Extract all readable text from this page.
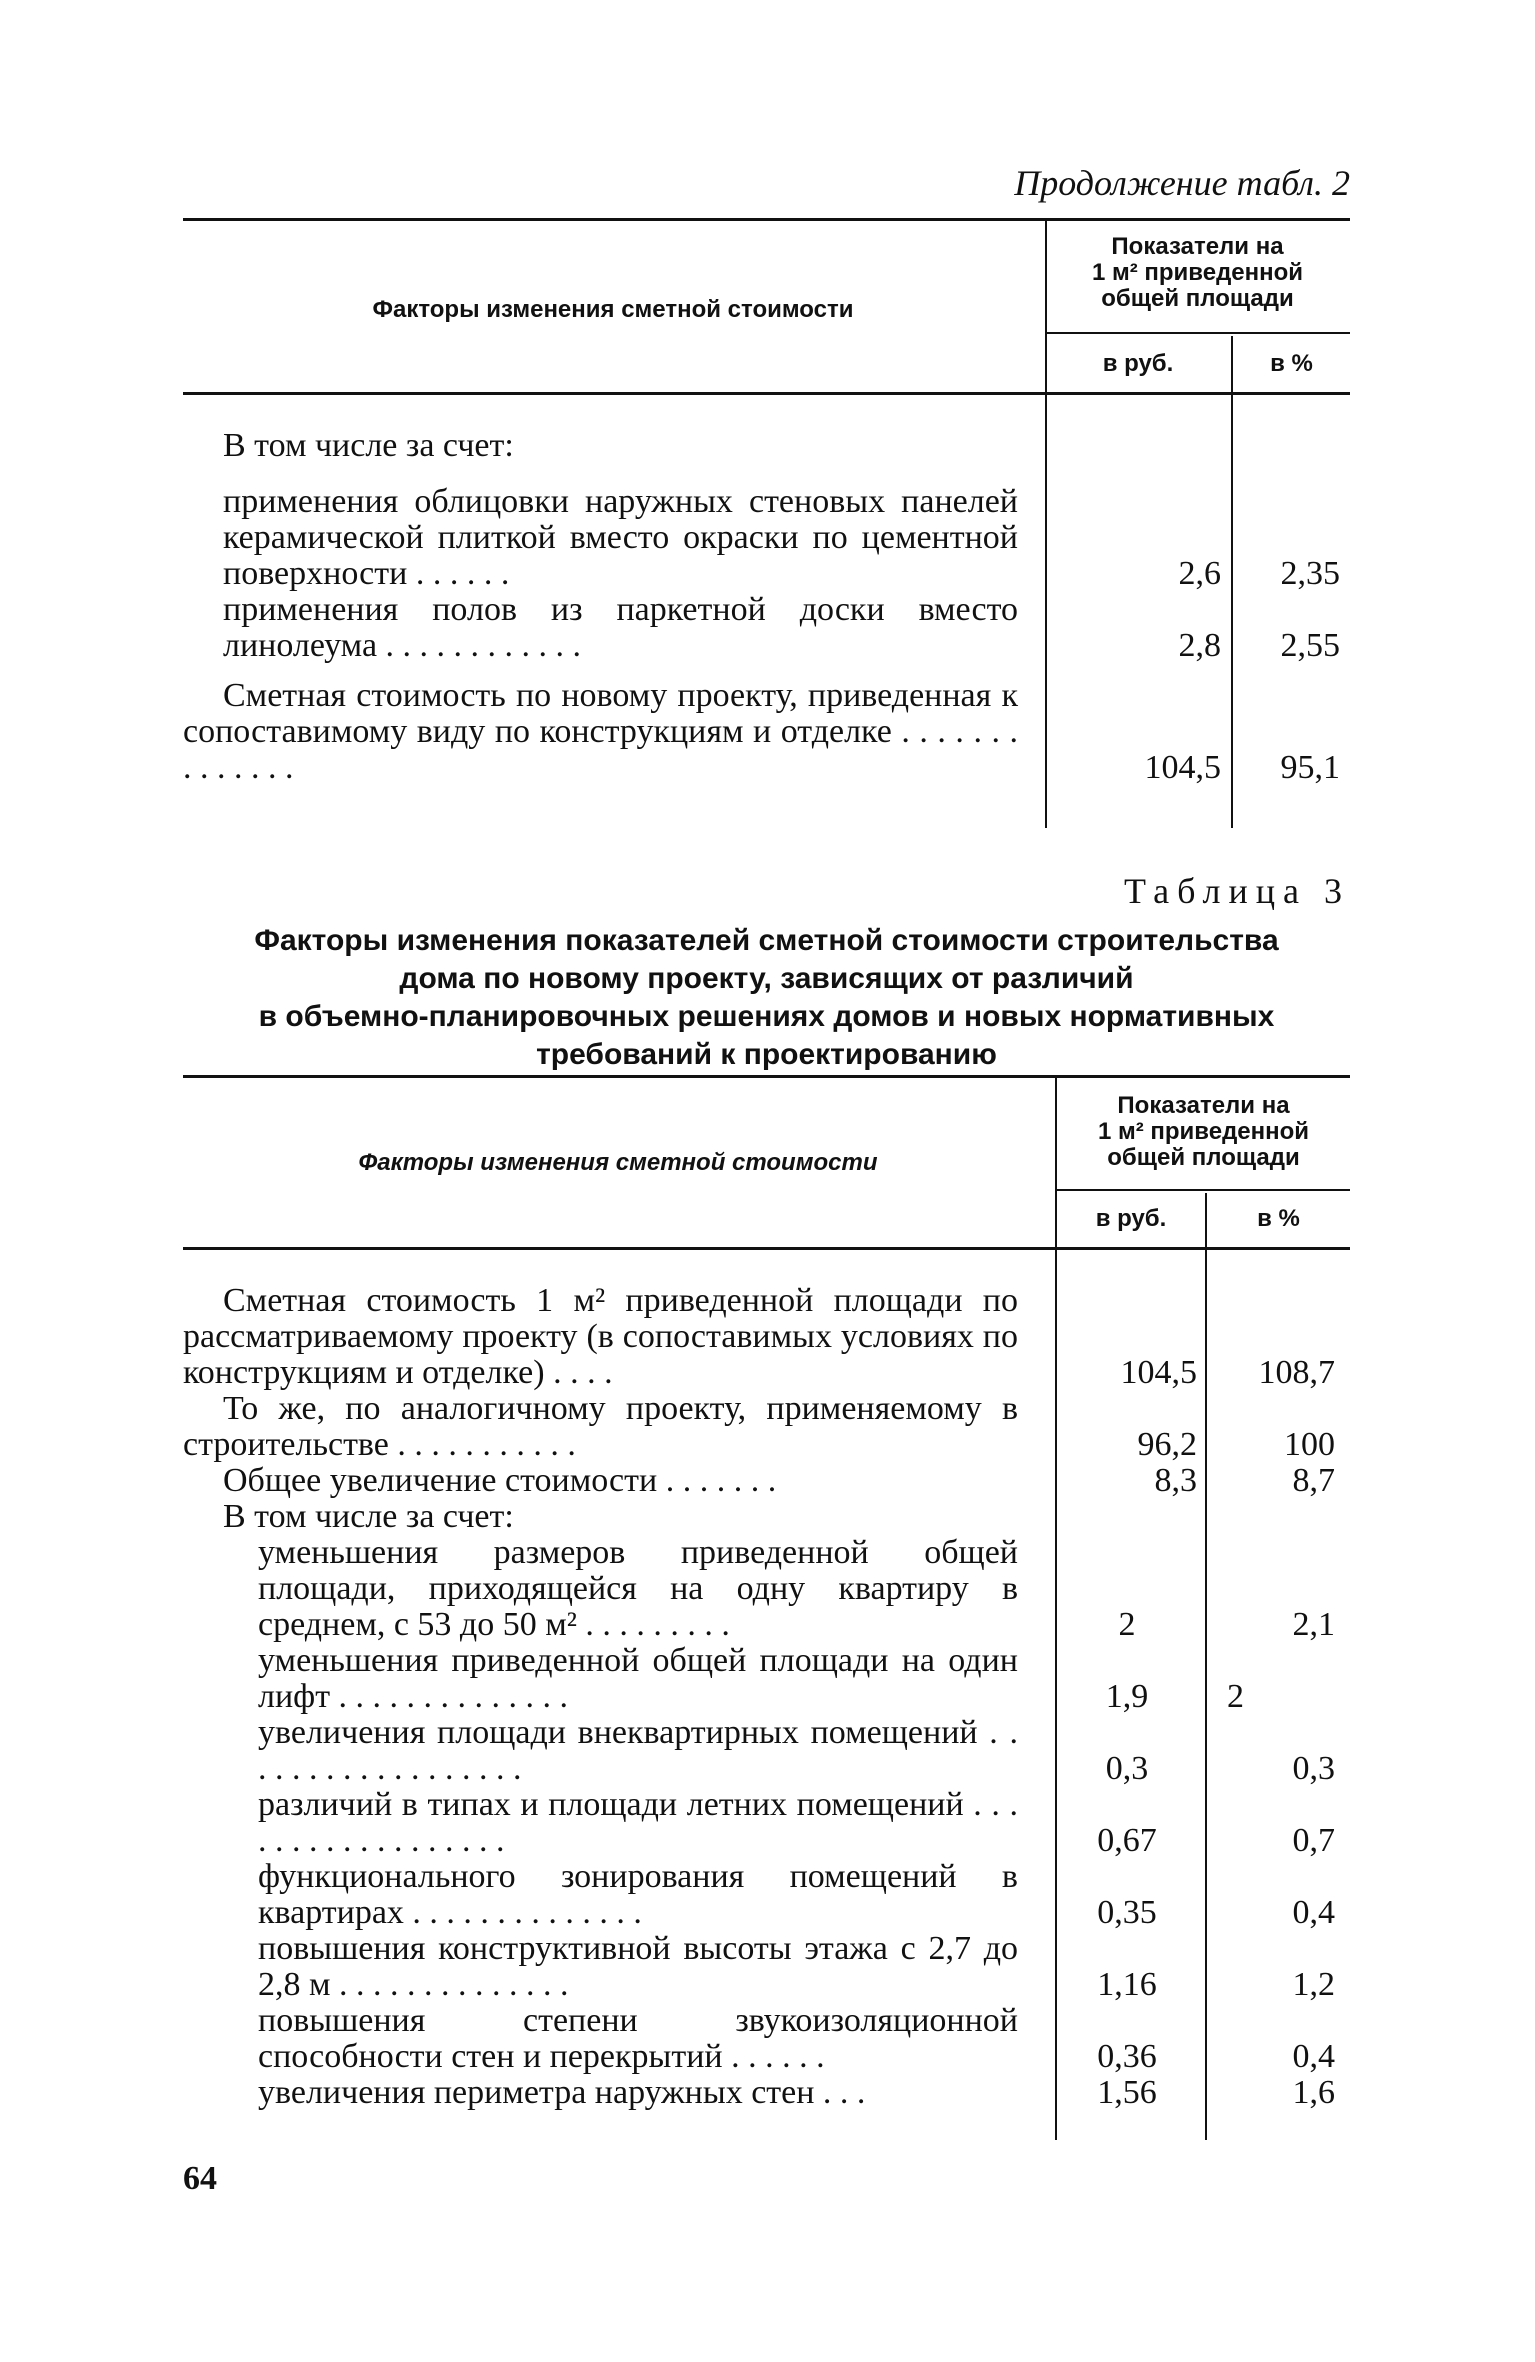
Продолжение табл. 2
Факторы изменения сметной стоимости
Показатели на
1 м² приведенной
общей площади
в руб.	в %
В том числе за счет:
применения облицовки наружных стеновых панелей керамической плиткой вместо окраски по цементной поверхности . . . . . .	2,6	2,35
применения полов из паркетной доски вместо линолеума . . . . . . . . . . . .	2,8	2,55
Сметная стоимость по новому проекту, приведенная к сопоставимому виду по конструкциям и отделке . . . . . . . . . . . . . .	104,5	95,1
Таблица 3
Факторы изменения показателей сметной стоимости строительства
дома по новому проекту, зависящих от различий
в объемно-планировочных решениях домов и новых нормативных
требований к проектированию
Факторы изменения сметной стоимости
Показатели на
1 м² приведенной
общей площади
в руб.	в %
Сметная стоимость 1 м² приведенной площади по рассматриваемому проекту (в сопоставимых условиях по конструкциям и отделке) . . . .	104,5	108,7
То же, по аналогичному проекту, применяемому в строительстве . . . . . . . . . . .	96,2	100
Общее увеличение стоимости . . . . . . .	8,3	8,7
В том числе за счет:
уменьшения размеров приведенной общей площади, приходящейся на одну квартиру в среднем, с 53 до 50 м² . . . . . . . . .	2	2,1
уменьшения приведенной общей площади на один лифт . . . . . . . . . . . . . .	1,9	2
увеличения площади внеквартирных помещений . . . . . . . . . . . . . . . . . .	0,3	0,3
различий в типах и площади летних помещений . . . . . . . . . . . . . . . . . .	0,67	0,7
функционального зонирования помещений в квартирах . . . . . . . . . . . . . .	0,35	0,4
повышения конструктивной высоты этажа с 2,7 до 2,8 м . . . . . . . . . . . . . .	1,16	1,2
повышения степени звукоизоляционной способности стен и перекрытий . . . . . .	0,36	0,4
увеличения периметра наружных стен . . .	1,56	1,6
64
